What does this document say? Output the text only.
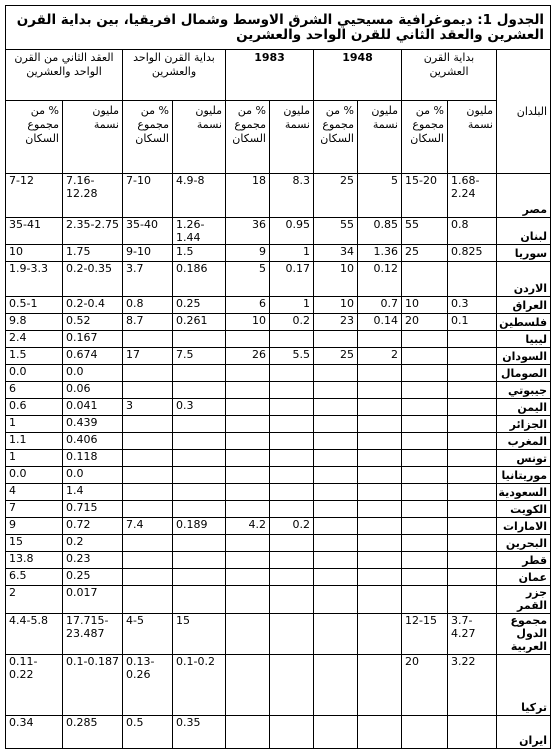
الجدول 1: ديموغرافية مسيحيي الشرق الاوسط وشمال افريقيا، بين بداية القرن العشرين والعقد الثاني للقرن الواحد والعشرين										
العقد الثاني من القرن الواحد والعشرين		بداية القرن الواحد والعشرين		1983		1948		بداية القرن العشرين		البلدان
% من مجموع السكان	مليون نسمة	% من مجموع السكان	مليون نسمة	% من مجموع السكان	مليون نسمة	% من مجموع السكان	مليون نسمة	% من مجموع السكان	مليون نسمة	
7-12	7.16-12.28	7-10	4.9-8	18	8.3	25	5	15-20	1.68-2.24	مصر
35-41	2.35-2.75	35-40	1.26-1.44	36	0.95	55	0.85	55	0.8	لبنان
10	1.75	9-10	1.5	9	1	34	1.36	25	0.825	سوريا
1.9-3.3	0.2-0.35	3.7	0.186	5	0.17	10	0.12			الاردن
0.5-1	0.2-0.4	0.8	0.25	6	1	10	0.7	10	0.3	العراق
9.8	0.52	8.7	0.261	10	0.2	23	0.14	20	0.1	فلسطين
2.4	0.167									ليبيا
1.5	0.674	17	7.5	26	5.5	25	2			السودان
0.0	0.0									الصومال
6	0.06									جيبوتي
0.6	0.041	3	0.3							اليمن
1	0.439									الجزائر
1.1	0.406									المغرب
1	0.118									تونس
0.0	0.0									موريتانيا
4	1.4									السعودية
7	0.715									الكويت
9	0.72	7.4	0.189	4.2	0.2					الامارات
15	0.2									البحرين
13.8	0.23									قطر
6.5	0.25									عمان
2	0.017									جزر القمر
4.4-5.8	17.715-23.487	4-5	15					12-15	3.7-4.27	مجموع الدول العربية
0.11-0.22	0.1-0.187	0.13-0.26	0.1-0.2					20	3.22	تركيا
0.34	0.285	0.5	0.35							ايران
